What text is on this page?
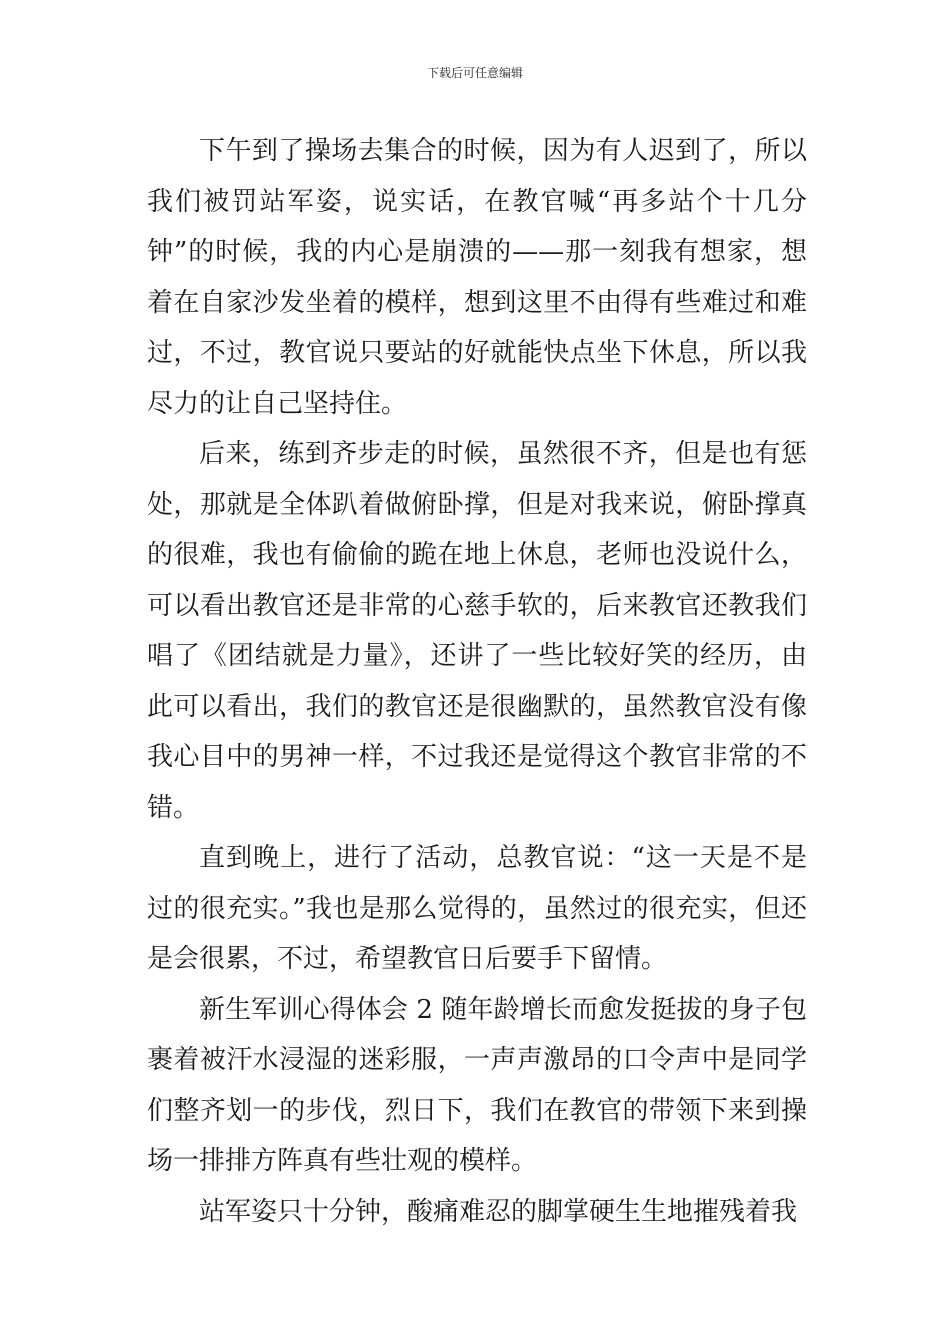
下载后可任意编辑

下午到了操场去集合的时候，因为有人迟到了，所以我们被罚站军姿，说实话，在教官喊“再多站个十几分钟”的时候，我的内心是崩溃的——那一刻我有想家，想着在自家沙发坐着的模样，想到这里不由得有些难过和难过，不过，教官说只要站的好就能快点坐下休息，所以我尽力的让自己坚持住。

后来，练到齐步走的时候，虽然很不齐，但是也有惩处，那就是全体趴着做俯卧撑，但是对我来说，俯卧撑真的很难，我也有偷偷的跪在地上休息，老师也没说什么，可以看出教官还是非常的心慈手软的，后来教官还教我们唱了《团结就是力量》，还讲了一些比较好笑的经历，由此可以看出，我们的教官还是很幽默的，虽然教官没有像我心目中的男神一样，不过我还是觉得这个教官非常的不错。

直到晚上，进行了活动，总教官说：“这一天是不是过的很充实。”我也是那么觉得的，虽然过的很充实，但还是会很累，不过，希望教官日后要手下留情。

新生军训心得体会 2 随年龄增长而愈发挺拔的身子包裹着被汗水浸湿的迷彩服，一声声激昂的口令声中是同学们整齐划一的步伐，烈日下，我们在教官的带领下来到操场一排排方阵真有些壮观的模样。

站军姿只十分钟，酸痛难忍的脚掌硬生生地摧残着我
